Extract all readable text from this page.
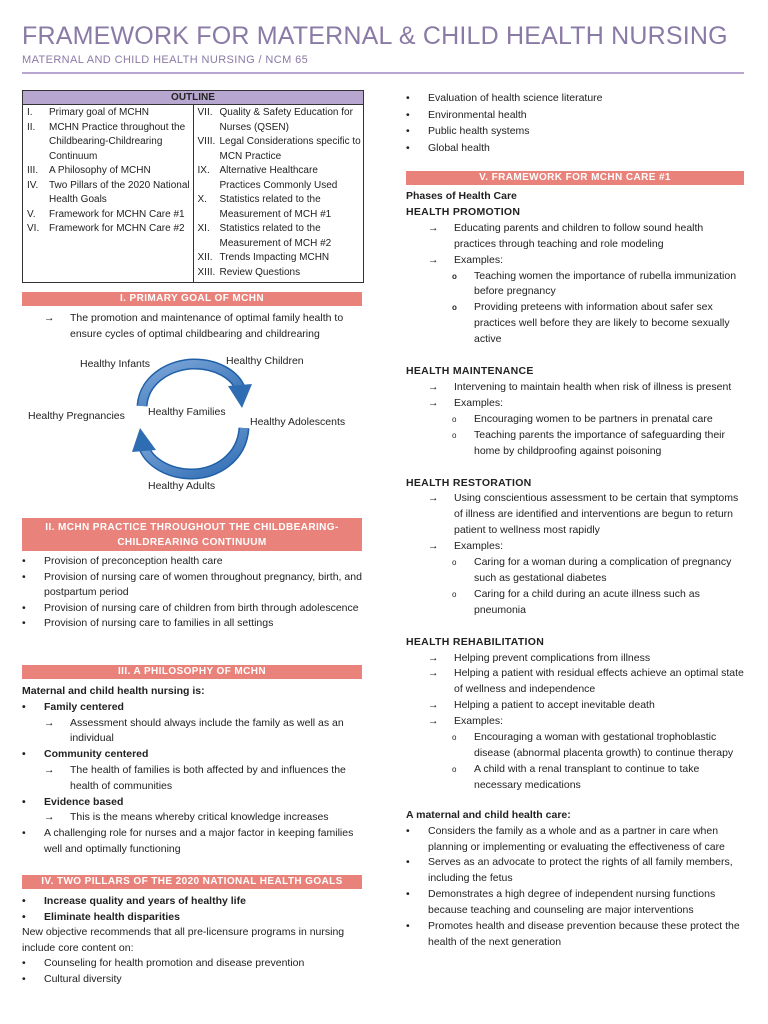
FRAMEWORK FOR MATERNAL & CHILD HEALTH NURSING
MATERNAL AND CHILD HEALTH NURSING / NCM 65
OUTLINE
I.	Primary goal of MCHN
II.	MCHN Practice throughout the Childbearing-Childrearing Continuum
III.	A Philosophy of MCHN
IV.	Two Pillars of the 2020 National Health Goals
V.	Framework for MCHN Care #1
VI. Framework for MCHN Care #2
VII. Quality & Safety Education for Nurses (QSEN)
VIII. Legal Considerations specific to MCN Practice
IX. Alternative Healthcare Practices Commonly Used
X.	Statistics related to the Measurement of MCH #1
XI. Statistics related to the Measurement of MCH #2
XII. Trends Impacting MCHN
XIII. Review Questions
I. PRIMARY GOAL OF MCHN
→	The promotion and maintenance of optimal family health to ensure cycles of optimal childbearing and childrearing
Healthy Infants	Healthy Children
Healthy Pregnancies Healthy Families
Healthy Adolescents
Healthy Adults
II. MCHN PRACTICE THROUGHOUT THE CHILDBEARING-
CHILDREARING CONTINUUM
•	Provision of preconception health care
•	Provision of nursing care of women throughout pregnancy, birth, and postpartum period
•	Provision of nursing care of children from birth through adolescence
•	Provision of nursing care to families in all settings
III. A PHILOSOPHY OF MCHN
Maternal and child health nursing is:
•	Family centered
→	Assessment should always include the family as well as an individual
•	Community centered
→	The health of families is both affected by and influences the health of communities
•	Evidence based
→	This is the means whereby critical knowledge increases
•	A challenging role for nurses and a major factor in keeping families well and optimally functioning
IV. TWO PILLARS OF THE 2020 NATIONAL HEALTH GOALS
•	Increase quality and years of healthy life
•	Eliminate health disparities
New objective recommends that all pre-licensure programs in nursing include core content on:
•	Counseling for health promotion and disease prevention
•	Cultural diversity
•	Evaluation of health science literature
•	Environmental health
•	Public health systems
•	Global health
V. FRAMEWORK FOR MCHN CARE #1
Phases of Health Care
HEALTH PROMOTION
→	Educating parents and children to follow sound health practices through teaching and role modeling
→	Examples:
o	Teaching women the importance of rubella immunization before pregnancy
o	Providing preteens with information about safer sex practices well before they are likely to become sexually active
HEALTH MAINTENANCE
→	Intervening to maintain health when risk of illness is present
→	Examples:
o	Encouraging women to be partners in prenatal care
o	Teaching parents the importance of safeguarding their home by childproofing against poisoning
HEALTH RESTORATION
→	Using conscientious assessment to be certain that symptoms of illness are identified and interventions are begun to return patient to wellness most rapidly
→	Examples:
o	Caring for a woman during a complication of pregnancy such as gestational diabetes
o	Caring for a child during an acute illness such as pneumonia
HEALTH REHABILITATION
→	Helping prevent complications from illness
→	Helping a patient with residual effects achieve an optimal state of wellness and independence
→	Helping a patient to accept inevitable death
→	Examples:
o	Encouraging a woman with gestational trophoblastic disease (abnormal placenta growth) to continue therapy
o	A child with a renal transplant to continue to take necessary medications
A maternal and child health care:
•	Considers the family as a whole and as a partner in care when planning or implementing or evaluating the effectiveness of care
•	Serves as an advocate to protect the rights of all family members, including the fetus
•	Demonstrates a high degree of independent nursing functions because teaching and counseling are major interventions
•	Promotes health and disease prevention because these protect the health of the next generation
